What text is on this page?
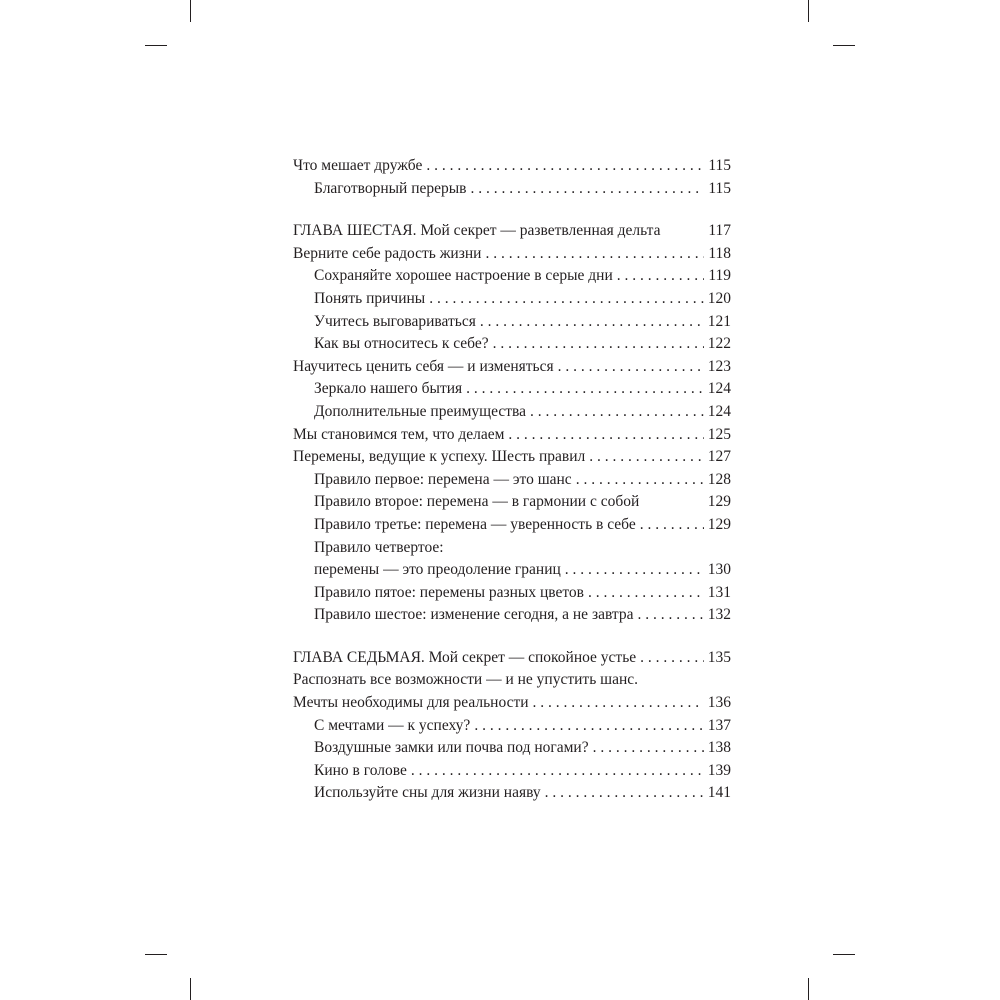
Что мешает дружбе . . .	115
Благотворный перерыв . . .	115
ГЛАВА ШЕСТАЯ. Мой секрет — разветвленная дельта	117
Верните себе радость жизни . . .	118
Сохраняйте хорошее настроение в серые дни . . .	119
Понять причины . . .	120
Учитесь выговариваться . . .	121
Как вы относитесь к себе? . . .	122
Научитесь ценить себя — и изменяться . . .	123
Зеркало нашего бытия . . .	124
Дополнительные преимущества . . .	124
Мы становимся тем, что делаем . . .	125
Перемены, ведущие к успеху. Шесть правил . . .	127
Правило первое: перемена — это шанс . . .	128
Правило второе: перемена — в гармонии с собой	129
Правило третье: перемена — уверенность в себе . . .	129
Правило четвертое:
перемены — это преодоление границ . . .	130
Правило пятое: перемены разных цветов . . .	131
Правило шестое: изменение сегодня, а не завтра . . .	132
ГЛАВА СЕДЬМАЯ. Мой секрет — спокойное устье . . .	135
Распознать все возможности — и не упустить шанс.
Мечты необходимы для реальности . . .	136
С мечтами — к успеху? . . .	137
Воздушные замки или почва под ногами? . . .	138
Кино в голове . . .	139
Используйте сны для жизни наяву . . .	141
